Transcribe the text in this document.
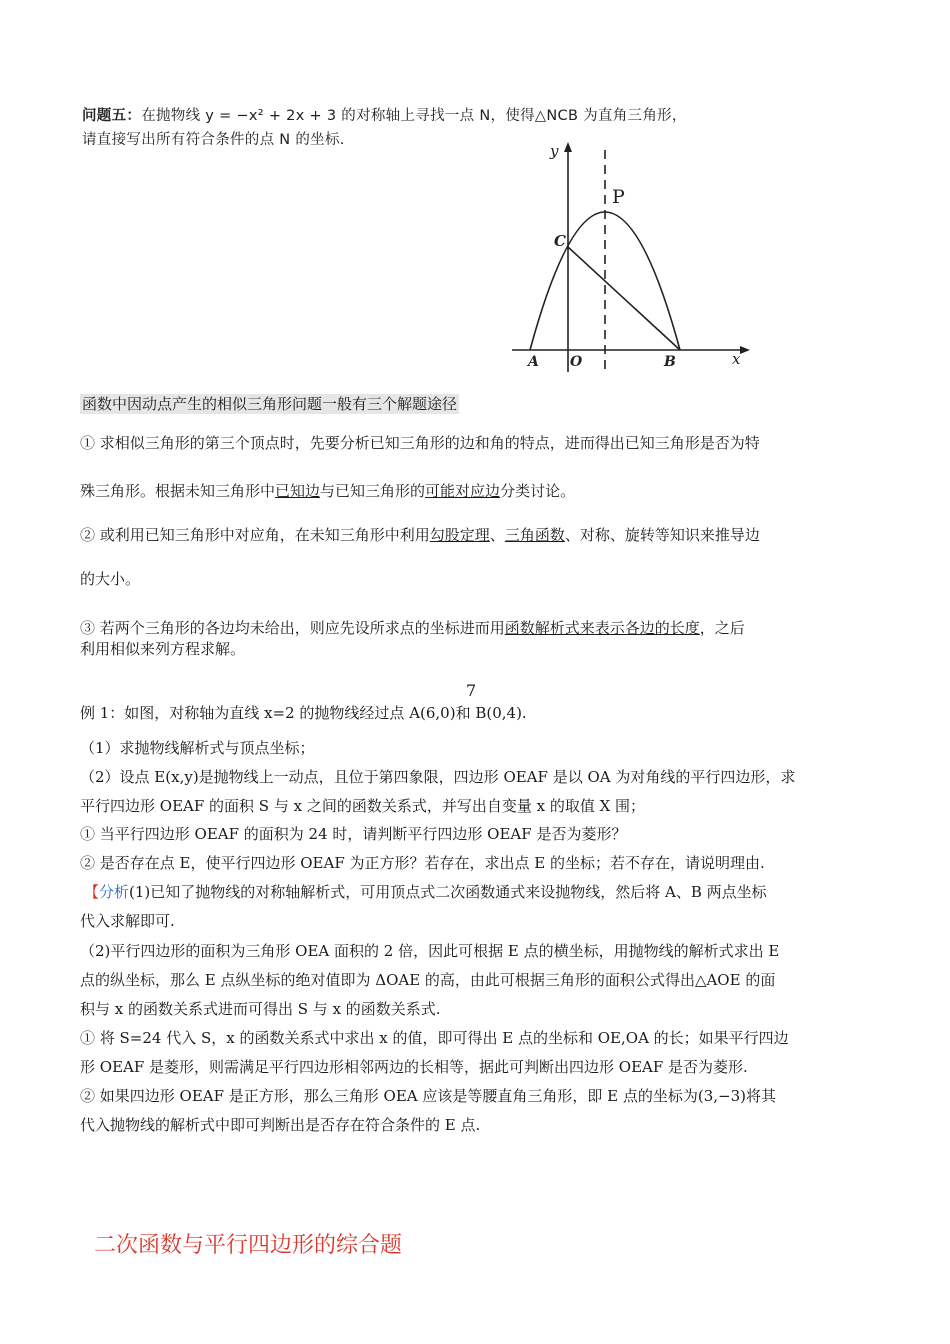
问题五：在抛物线 y = −x² + 2x + 3 的对称轴上寻找一点 N，使得△NCB 为直角三角形，
请直接写出所有符合条件的点 N 的坐标.
y
x
P
C
A O	B
函数中因动点产生的相似三角形问题一般有三个解题途径
① 求相似三角形的第三个顶点时，先要分析已知三角形的边和角的特点，进而得出已知三角形是否为特
殊三角形。根据未知三角形中已知边与已知三角形的可能对应边分类讨论。
② 或利用已知三角形中对应角，在未知三角形中利用勾股定理、三角函数、对称、旋转等知识来推导边
的大小。
③ 若两个三角形的各边均未给出，则应先设所求点的坐标进而用函数解析式来表示各边的长度，之后
利用相似来列方程求解。
7
例 1：如图，对称轴为直线 x=2 的抛物线经过点 A(6,0)和 B(0,4).
（1）求抛物线解析式与顶点坐标；
（2）设点 E(x,y)是抛物线上一动点，且位于第四象限，四边形 OEAF 是以 OA 为对角线的平行四边形，求
平行四边形 OEAF 的面积 S 与 x 之间的函数关系式，并写出自变量 x 的取值 X 围；
① 当平行四边形 OEAF 的面积为 24 时，请判断平行四边形 OEAF 是否为菱形？
② 是否存在点 E，使平行四边形 OEAF 为正方形？若存在，求出点 E 的坐标；若不存在，请说明理由.
【分析(1)已知了抛物线的对称轴解析式，可用顶点式二次函数通式来设抛物线，然后将 A、B 两点坐标
代入求解即可.
（2)平行四边形的面积为三角形 OEA 面积的 2 倍，因此可根据 E 点的横坐标，用抛物线的解析式求出 E
点的纵坐标，那么 E 点纵坐标的绝对值即为 ΔOAE 的高，由此可根据三角形的面积公式得出△AOE 的面
积与 x 的函数关系式进而可得出 S 与 x 的函数关系式.
① 将 S=24 代入 S，x 的函数关系式中求出 x 的值，即可得出 E 点的坐标和 OE,OA 的长；如果平行四边
形 OEAF 是菱形，则需满足平行四边形相邻两边的长相等，据此可判断出四边形 OEAF 是否为菱形.
② 如果四边形 OEAF 是正方形，那么三角形 OEA 应该是等腰直角三角形，即 E 点的坐标为(3,−3)将其
代入抛物线的解析式中即可判断出是否存在符合条件的 E 点.
二次函数与平行四边形的综合题
